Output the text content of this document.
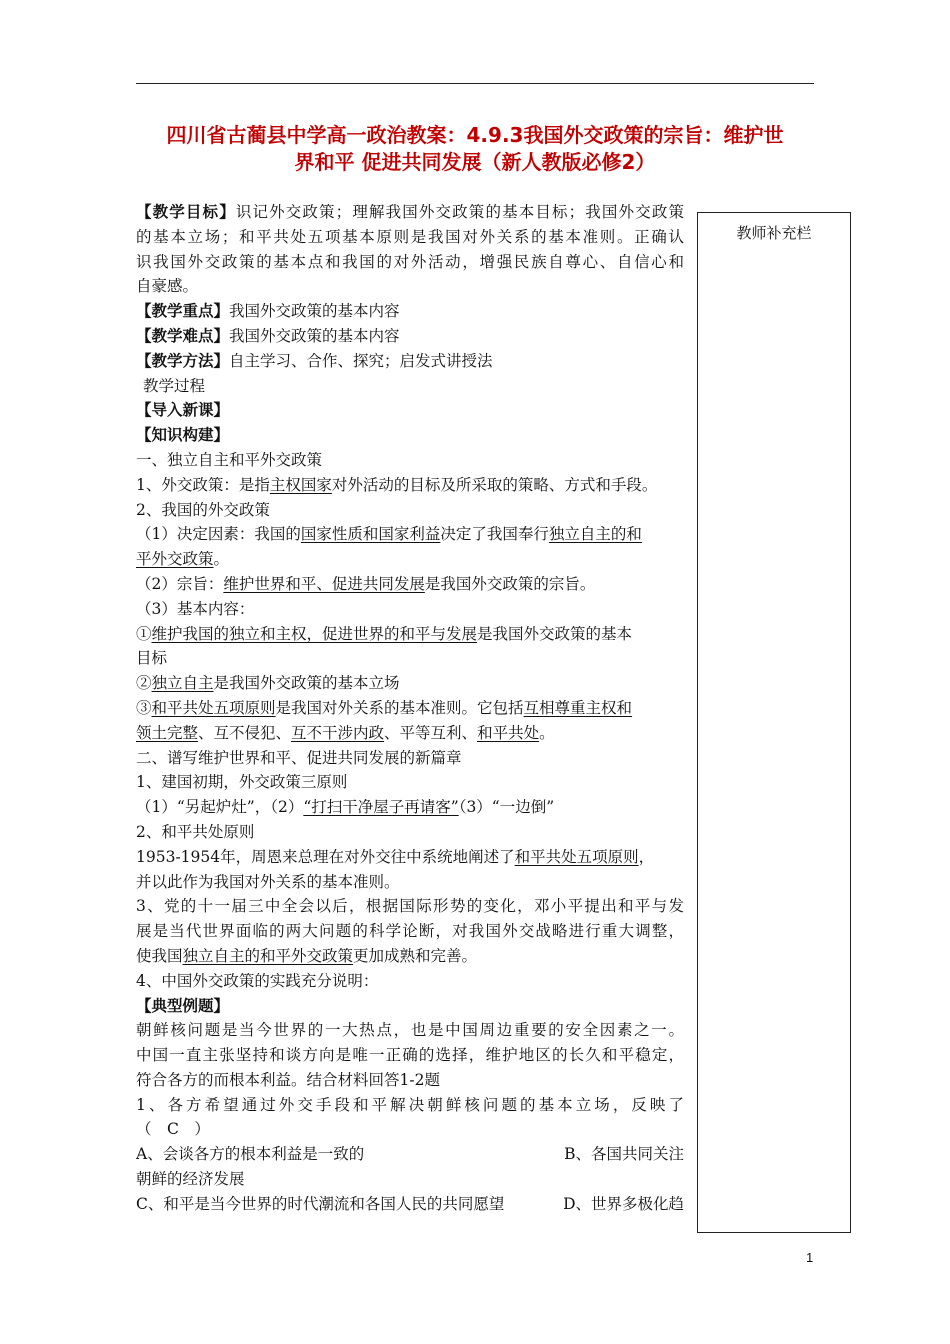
四川省古蔺县中学高一政治教案：4.9.3我国外交政策的宗旨：维护世
界和平 促进共同发展（新人教版必修2）
教师补充栏
【教学目标】识记外交政策；理解我国外交政策的基本目标；我国外交政策
的基本立场；和平共处五项基本原则是我国对外关系的基本准则。正确认
识我国外交政策的基本点和我国的对外活动，增强民族自尊心、自信心和
自豪感。
【教学重点】我国外交政策的基本内容
【教学难点】我国外交政策的基本内容
【教学方法】自主学习、合作、探究；启发式讲授法
教学过程
【导入新课】
【知识构建】
一、独立自主和平外交政策
1、外交政策：是指主权国家对外活动的目标及所采取的策略、方式和手段。
2、我国的外交政策
（1）决定因素：我国的国家性质和国家利益决定了我国奉行独立自主的和
平外交政策。
（2）宗旨：维护世界和平、促进共同发展是我国外交政策的宗旨。
（3）基本内容：
①维护我国的独立和主权，促进世界的和平与发展是我国外交政策的基本
目标
②独立自主是我国外交政策的基本立场
③和平共处五项原则是我国对外关系的基本准则。它包括互相尊重主权和
领土完整、互不侵犯、互不干涉内政、平等互利、和平共处。
二、谱写维护世界和平、促进共同发展的新篇章
1、建国初期，外交政策三原则
（1）“另起炉灶”，（2）“打扫干净屋子再请客”（3）“一边倒”
2、和平共处原则
1953-1954年，周恩来总理在对外交往中系统地阐述了和平共处五项原则，
并以此作为我国对外关系的基本准则。
3、党的十一届三中全会以后，根据国际形势的变化，邓小平提出和平与发
展是当代世界面临的两大问题的科学论断，对我国外交战略进行重大调整，
使我国独立自主的和平外交政策更加成熟和完善。
4、中国外交政策的实践充分说明：
【典型例题】
朝鲜核问题是当今世界的一大热点，也是中国周边重要的安全因素之一。
中国一直主张坚持和谈方向是唯一正确的选择，维护地区的长久和平稳定，
符合各方的而根本利益。结合材料回答1-2题
1、各方希望通过外交手段和平解决朝鲜核问题的基本立场，反映了
（　C　）
A、会谈各方的根本利益是一致的	B、各国共同关注
朝鲜的经济发展
C、和平是当今世界的时代潮流和各国人民的共同愿望	D、世界多极化趋
1
